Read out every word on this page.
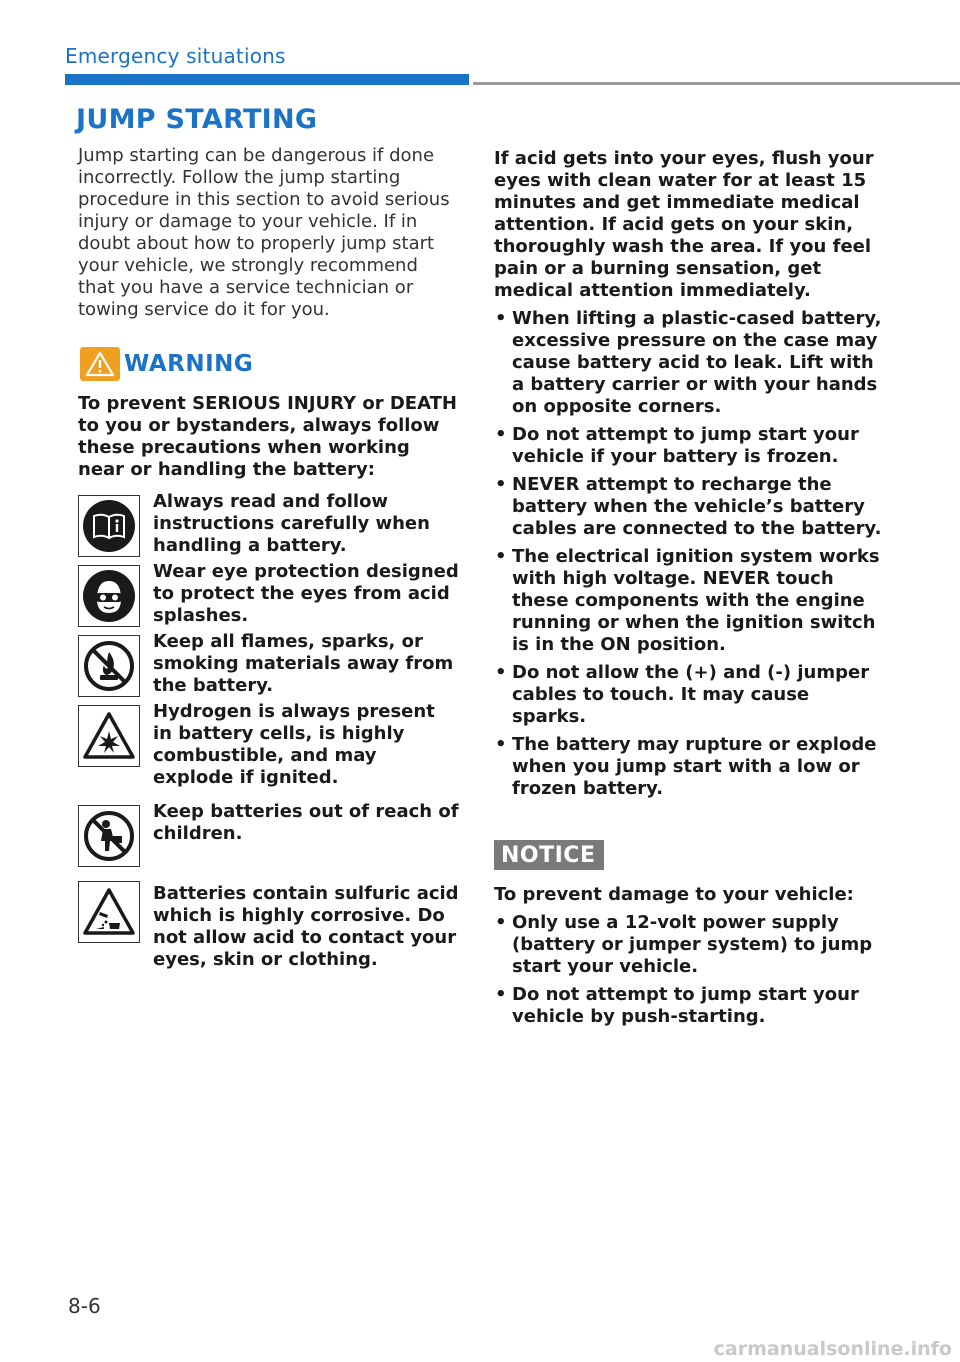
Emergency situations
JUMP STARTING

Jump starting can be dangerous if done incorrectly. Follow the jump starting procedure in this section to avoid serious injury or damage to your vehicle. If in doubt about how to properly jump start your vehicle, we strongly recommend that you have a service technician or towing service do it for you.

WARNING

To prevent SERIOUS INJURY or DEATH to you or bystanders, always follow these precautions when working near or handling the battery:

Always read and follow instructions carefully when handling a battery.
Wear eye protection designed to protect the eyes from acid splashes.
Keep all flames, sparks, or smoking materials away from the battery.
Hydrogen is always present in battery cells, is highly combustible, and may explode if ignited.
Keep batteries out of reach of children.
Batteries contain sulfuric acid which is highly corrosive. Do not allow acid to contact your eyes, skin or clothing.

If acid gets into your eyes, flush your eyes with clean water for at least 15 minutes and get immediate medical attention. If acid gets on your skin, thoroughly wash the area. If you feel pain or a burning sensation, get medical attention immediately.

• When lifting a plastic-cased battery, excessive pressure on the case may cause battery acid to leak. Lift with a battery carrier or with your hands on opposite corners.
• Do not attempt to jump start your vehicle if your battery is frozen.
• NEVER attempt to recharge the battery when the vehicle’s battery cables are connected to the battery.
• The electrical ignition system works with high voltage. NEVER touch these components with the engine running or when the ignition switch is in the ON position.
• Do not allow the (+) and (-) jumper cables to touch. It may cause sparks.
• The battery may rupture or explode when you jump start with a low or frozen battery.
NOTICE

To prevent damage to your vehicle:

• Only use a 12-volt power supply (battery or jumper system) to jump start your vehicle.
• Do not attempt to jump start your vehicle by push-starting.
8-6
carmanualsonline.info
